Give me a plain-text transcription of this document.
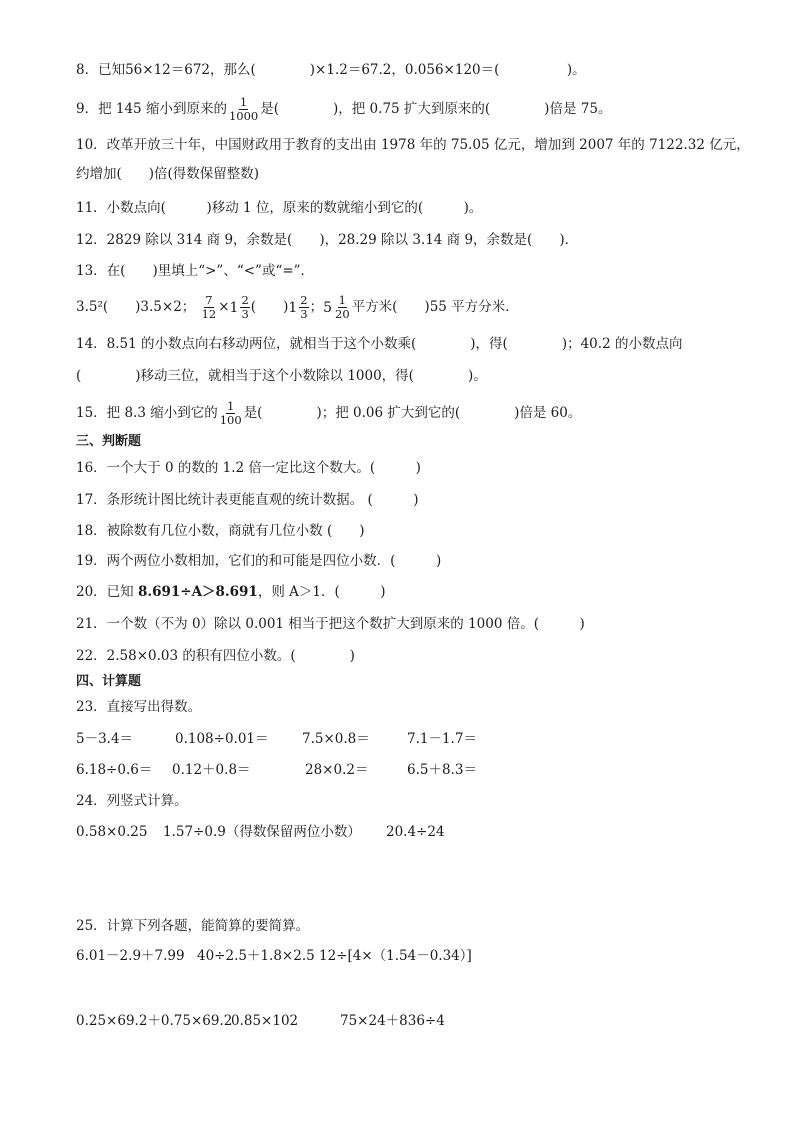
8．已知56×12＝672，那么(　　　　)×1.2＝67.2，0.056×120＝(　　　　　)。
9．把 145 缩小到原来的 $\frac{1}{1000}$ 是(　　　　)，把 0.75 扩大到原来的(　　　　)倍是 75。
10．改革开放三十年，中国财政用于教育的支出由 1978 年的 75.05 亿元，增加到 2007 年的 7122.32 亿元，
约增加(　　)倍(得数保留整数)
11．小数点向(　　　)移动 1 位，原来的数就缩小到它的(　　　)。
12．2829 除以 314 商 9，余数是(　　)，28.29 除以 3.14 商 9，余数是(　　)．
13．在(　　)里填上“>”、“<”或“=”．
3.5²(　　)3.5×2； $\frac{7}{12} \times 1 \frac{2}{3}$ (　　) $1 \frac{2}{3}$ ； $5 \frac{1}{20}$ 平方米(　　)55 平方分米．
14．8.51 的小数点向右移动两位，就相当于这个小数乘(　　　　)，得(　　　　)；40.2 的小数点向
(　　　　)移动三位，就相当于这个小数除以 1000，得(　　　　)。
15．把 8.3 缩小到它的 $\frac{1}{100}$ 是(　　　　)；把 0.06 扩大到它的(　　　　)倍是 60。
三、判断题
16．一个大于 0 的数的 1.2 倍一定比这个数大。(　　　)
17．条形统计图比统计表更能直观的统计数据。 (　　　)
18．被除数有几位小数，商就有几位小数 (　　)
19．两个两位小数相加，它们的和可能是四位小数．(　　　)
20．已知 8.691÷A＞8.691，则 A＞1．(　　　)
21．一个数（不为 0）除以 0.001 相当于把这个数扩大到原来的 1000 倍。(　　　)
22．2.58×0.03 的积有四位小数。(　　　　)
四、计算题
23．直接写出得数。
5－3.4＝	0.108÷0.01＝ 7.5×0.8＝	7.1－1.7＝
6.18÷0.6＝ 0.12＋0.8＝	28×0.2＝	6.5＋8.3＝
24．列竖式计算。
0.58×0.25 1.57÷0.9（得数保留两位小数） 20.4÷24
25．计算下列各题，能简算的要简算。
6.01－2.9＋7.99 40÷2.5＋1.8×2.5 12÷[4×（1.54－0.34）]
0.25×69.2＋0.75×69.2
0.85×102	75×24＋836÷4
